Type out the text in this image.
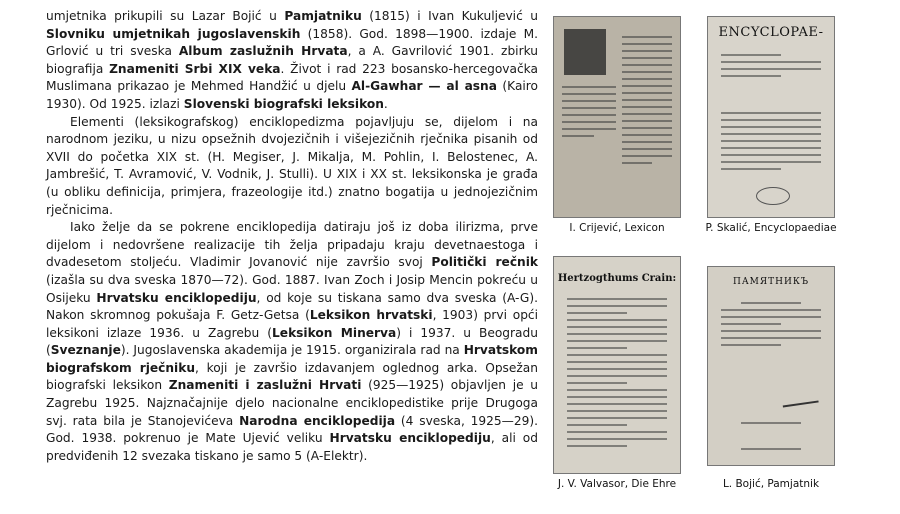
umjetnika prikupili su Lazar Bojić u Pamjatniku (1815) i Ivan Kukuljević u Slovniku umjetnikah jugoslavenskih (1858). God. 1898—1900. izdaje M. Grlović u tri sveska Album zaslužnih Hrvata, a A. Gavrilović 1901. zbirku biografija Znameniti Srbi XIX veka. Život i rad 223 bosansko-hercegovačka Muslimana prikazao je Mehmed Handžić u djelu Al-Gawhar — al asna (Kairo 1930). Od 1925. izlazi Slovenski biografski leksikon.

Elementi (leksikografskog) enciklopedizma pojavljuju se, dijelom i na narodnom jeziku, u nizu opsežnih dvojezičnih i višejezičnih rječnika pisanih od XVII do početka XIX st. (H. Megiser, J. Mikalja, M. Pohlin, I. Belostenec, A. Jambrešić, T. Avramović, V. Vodnik, J. Stulli). U XIX i XX st. leksikonska je građa (u obliku definicija, primjera, frazeologije itd.) znatno bogatija u jednojezičnim rječnicima.

Iako želje da se pokrene enciklopedija datiraju još iz doba ilirizma, prve dijelom i nedovršene realizacije tih želja pripadaju kraju devetnaestoga i dvadesetom stoljeću. Vladimir Jovanović nije završio svoj Politički rečnik (izašla su dva sveska 1870—72). God. 1887. Ivan Zoch i Josip Mencin pokreću u Osijeku Hrvatsku enciklopediju, od koje su tiskana samo dva sveska (A-G). Nakon skromnog pokušaja F. Getz-Getsa (Leksikon hrvatski, 1903) prvi opći leksikoni izlaze 1936. u Zagrebu (Leksikon Minerva) i 1937. u Beogradu (Sveznanje). Jugoslavenska akademija je 1915. organizirala rad na Hrvatskom biografskom rječniku, koji je završio izdavanjem oglednog arka. Opsežan biografski leksikon Znameniti i zaslužni Hrvati (925—1925) objavljen je u Zagrebu 1925. Najznačajnije djelo nacionalne enciklopedistike prije Drugoga svj. rata bila je Stanojevićeva Narodna enciklopedija (4 sveska, 1925—29). God. 1938. pokrenuo je Mate Ujević veliku Hrvatsku enciklopediju, ali od predviđenih 12 svezaka tiskano je samo 5 (A-Elektr).

I. Crijević, Lexicon
ENCYCLOPAE-
P. Skalić, Encyclopaediae
Hertzogthums Crain:
J. V. Valvasor, Die Ehre
ПАМЯТНИКЪ
L. Bojić, Pamjatnik
